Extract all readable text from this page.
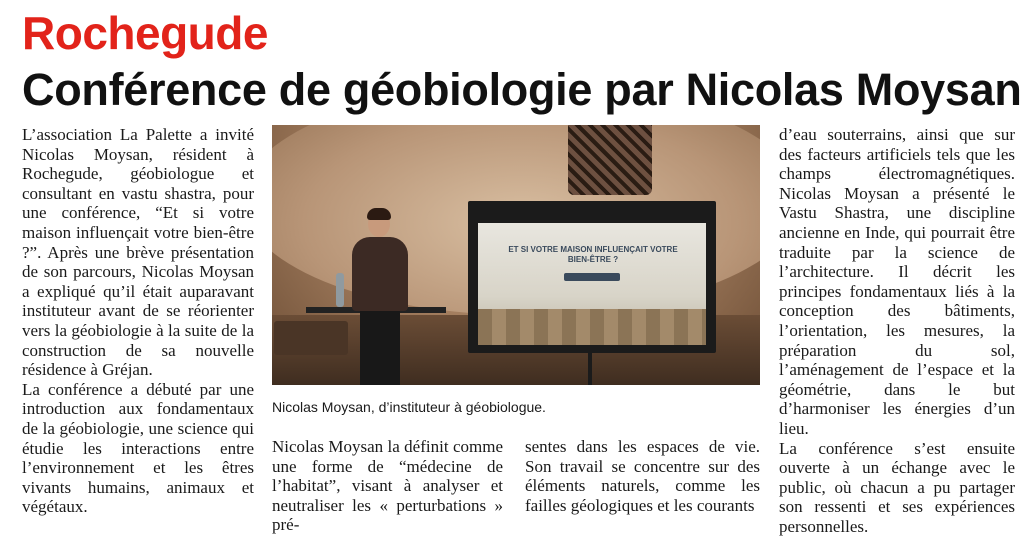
Rochegude
Conférence de géobiologie par Nicolas Moysan

L’association La Palette a invité Nicolas Moysan, résident à Rochegude, géobiologue et consultant en vastu shastra, pour une conférence, “Et si votre maison influençait votre bien-être ?”. Après une brève présentation de son parcours, Nicolas Moysan a expliqué qu’il était auparavant instituteur avant de se réorienter vers la géobiologie à la suite de la construction de sa nouvelle résidence à Gréjan.

La conférence a débuté par une introduction aux fondamentaux de la géobiologie, une science qui étudie les interactions entre l’environnement et les êtres vivants humains, animaux et végétaux.

ET SI VOTRE MAISON INFLUENÇAIT VOTRE BIEN-ÊTRE ?
Nicolas Moysan, d’instituteur à géobiologue.

Nicolas Moysan la définit comme une forme de “médecine de l’habitat”, visant à analyser et neutraliser les « perturbations » pré-

sentes dans les espaces de vie. Son travail se concentre sur des éléments naturels, comme les failles géologiques et les courants

d’eau souterrains, ainsi que sur des facteurs artificiels tels que les champs électromagnétiques. Nicolas Moysan a présenté le Vastu Shastra, une discipline ancienne en Inde, qui pourrait être traduite par la science de l’architecture. Il décrit les principes fondamentaux liés à la conception des bâtiments, l’orientation, les mesures, la préparation du sol, l’aménagement de l’espace et la géométrie, dans le but d’harmoniser les énergies d’un lieu.

La conférence s’est ensuite ouverte à un échange avec le public, où chacun a pu partager son ressenti et ses expériences personnelles.
